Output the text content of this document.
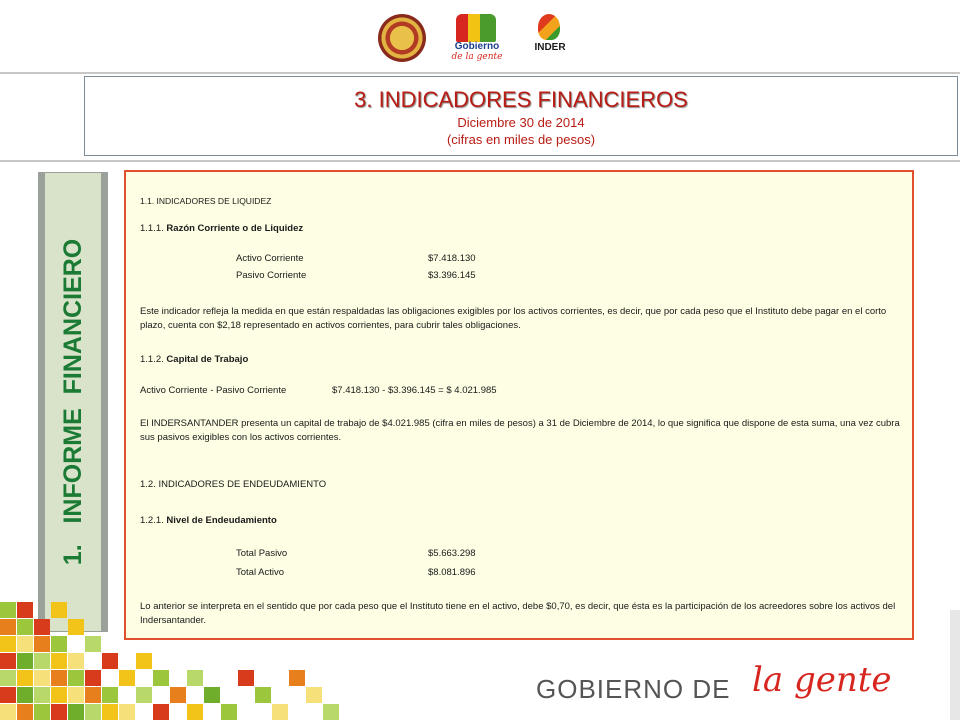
Gobierno
de la gente
INDER
3. INDICADORES FINANCIEROS
Diciembre 30 de 2014
(cifras en miles de pesos)
1.   INFORME  FINANCIERO
1.1. INDICADORES DE LIQUIDEZ
1.1.1. Razón Corriente o de Liquidez
Activo Corriente	$7.418.130
Pasivo Corriente	$3.396.145
Este indicador refleja la medida en que están respaldadas las obligaciones exigibles por los activos corrientes, es decir, que por cada peso que el Instituto debe pagar en el corto plazo, cuenta con $2,18 representado en activos corrientes, para cubrir tales obligaciones.
1.1.2. Capital de Trabajo
Activo Corriente - Pasivo Corriente	$7.418.130 - $3.396.145 = $ 4.021.985
El INDERSANTANDER presenta un capital de trabajo de $4.021.985 (cifra en miles de pesos) a 31 de Diciembre de 2014, lo que significa que dispone de esta suma, una vez cubra sus pasivos exigibles con los activos corrientes.
1.2. INDICADORES DE ENDEUDAMIENTO
1.2.1. Nivel de Endeudamiento
Total Pasivo	$5.663.298
Total Activo	$8.081.896
Lo anterior se interpreta en el sentido que por cada peso que el Instituto tiene en el activo, debe $0,70, es decir, que ésta es la participación de los acreedores sobre los activos del Indersantander.
GOBIERNO DE la gente
